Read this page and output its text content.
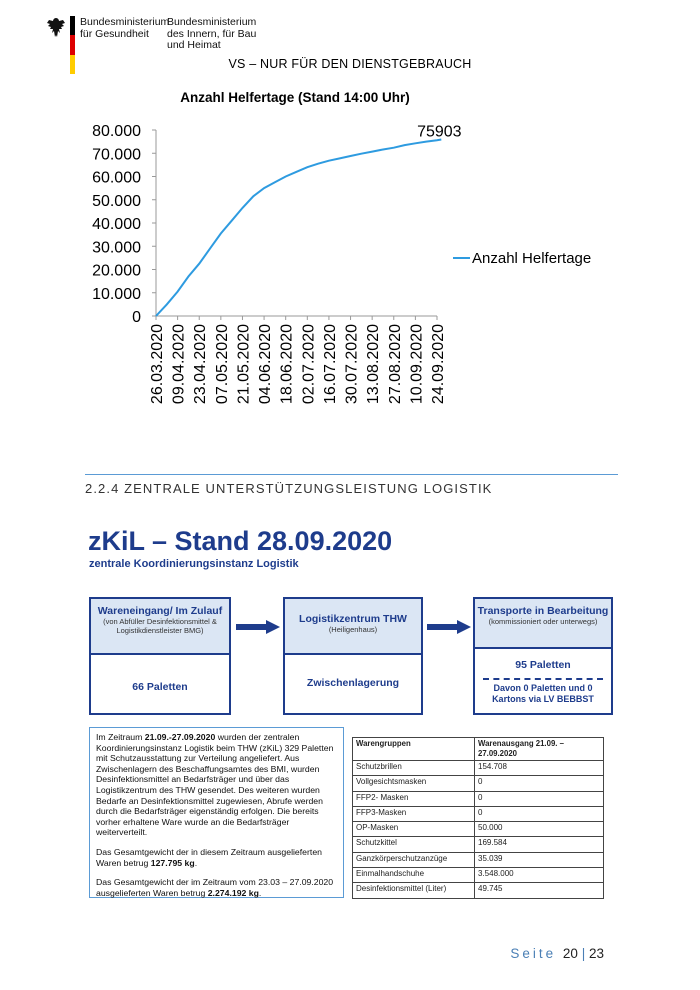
Bundesministerium
für Gesundheit
Bundesministerium
des Innern, für Bau
und Heimat
VS – NUR FÜR DEN DIENSTGEBRAUCH
Anzahl Helfertage (Stand 14:00 Uhr)
0
10.000
20.000
30.000
40.000
50.000
60.000
70.000
80.000
26.03.2020 09.04.2020 23.04.2020 07.05.2020 21.05.2020 04.06.2020 18.06.2020 02.07.2020 16.07.2020 30.07.2020 13.08.2020 27.08.2020 10.09.2020 24.09.2020
75903
Anzahl Helfertage
2.2.4 ZENTRALE UNTERSTÜTZUNGSLEISTUNG LOGISTIK
zKiL – Stand 28.09.2020
zentrale Koordinierungsinstanz Logistik
Wareneingang/ Im Zulauf
(von Abfüller Desinfektionsmittel & Logistikdienstleister BMG)
66 Paletten
Logistikzentrum THW
(Heiligenhaus)
Zwischenlagerung
Transporte in Bearbeitung
(kommissioniert oder unterwegs)
95 Paletten
Davon 0 Paletten und 0 Kartons via LV BEBBST

Im Zeitraum 21.09.-27.09.2020 wurden der zentralen Koordinierungsinstanz Logistik beim THW (zKiL) 329 Paletten mit Schutzausstattung zur Verteilung angeliefert. Aus Zwischenlagern des Beschaffungsamtes des BMI, wurden Desinfektionsmittel an Bedarfsträger und über das Logistikzentrum des THW gesendet. Des weiteren wurden Bedarfe an Desinfektionsmittel zugewiesen, Abrufe werden durch die Bedarfsträger eigenständig erfolgen. Die bereits vorher erhaltene Ware wurde an die Bedarfsträger weiterverteilt.

Das Gesamtgewicht der in diesem Zeitraum ausgelieferten Waren betrug 127.795 kg.

Das Gesamtgewicht der im Zeitraum vom 23.03 – 27.09.2020 ausgelieferten Waren betrug 2.274.192 kg.

Warengruppen	Warenausgang 21.09. – 27.09.2020
Schutzbrillen	154.708
Vollgesichtsmasken	0
FFP2- Masken	0
FFP3-Masken	0
OP-Masken	50.000
Schutzkittel	169.584
Ganzkörperschutzanzüge	35.039
Einmalhandschuhe	3.548.000
Desinfektionsmittel (Liter)	49.745
Seite 20 | 23
